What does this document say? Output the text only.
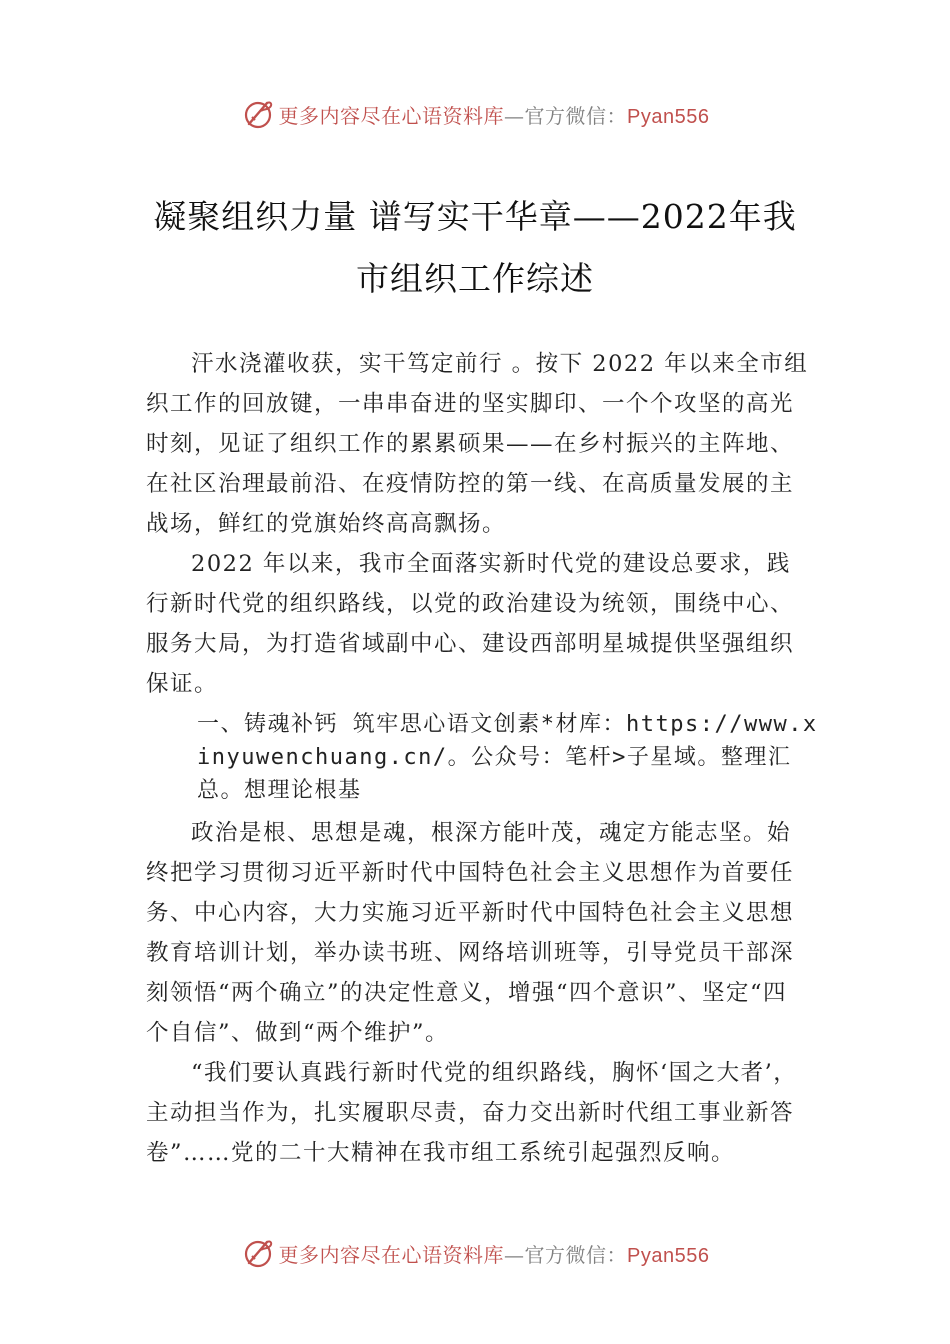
更多内容尽在心语资料库—官方微信：Pyan556
凝聚组织力量 谱写实干华章——2022年我
市组织工作综述

汗水浇灌收获，实干笃定前行 。按下 2022 年以来全市组织工作的回放键，一串串奋进的坚实脚印、一个个攻坚的高光时刻，见证了组织工作的累累硕果——在乡村振兴的主阵地、在社区治理最前沿、在疫情防控的第一线、在高质量发展的主战场，鲜红的党旗始终高高飘扬。

2022 年以来，我市全面落实新时代党的建设总要求，践行新时代党的组织路线，以党的政治建设为统领，围绕中心、服务大局，为打造省域副中心、建设西部明星城提供坚强组织保证。

一、铸魂补钙 筑牢思心语文创素*材库：https://www.xinyuwenchuang.cn/。公众号：笔杆>子星域。整理汇总。想理论根基

政治是根、思想是魂，根深方能叶茂，魂定方能志坚。始终把学习贯彻习近平新时代中国特色社会主义思想作为首要任务、中心内容，大力实施习近平新时代中国特色社会主义思想教育培训计划，举办读书班、网络培训班等，引导党员干部深刻领悟“两个确立”的决定性意义，增强“四个意识”、坚定“四个自信”、做到“两个维护”。

“我们要认真践行新时代党的组织路线，胸怀‘国之大者’，主动担当作为，扎实履职尽责，奋力交出新时代组工事业新答卷”……党的二十大精神在我市组工系统引起强烈反响。

更多内容尽在心语资料库—官方微信：Pyan556
